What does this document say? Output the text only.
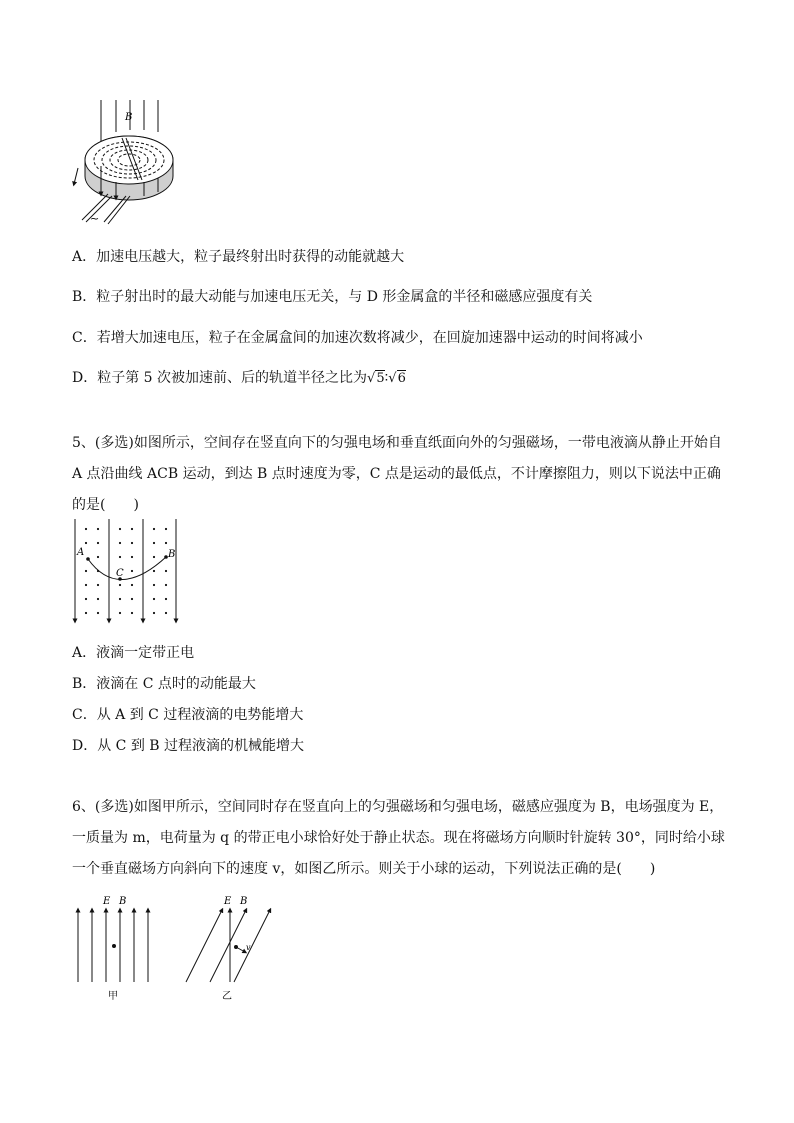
B
~
A．加速电压越大，粒子最终射出时获得的动能就越大
B．粒子射出时的最大动能与加速电压无关，与 D 形金属盒的半径和磁感应强度有关
C．若增大加速电压，粒子在金属盒间的加速次数将减少，在回旋加速器中运动的时间将减小
D．粒子第 5 次被加速前、后的轨道半径之比为√5∶√6
5、(多选)如图所示，空间存在竖直向下的匀强电场和垂直纸面向外的匀强磁场，一带电液滴从静止开始自 A 点沿曲线 ACB 运动，到达 B 点时速度为零，C 点是运动的最低点，不计摩擦阻力，则以下说法中正确的是(　　)
A
C
B
A．液滴一定带正电
B．液滴在 C 点时的动能最大
C．从 A 到 C 过程液滴的电势能增大
D．从 C 到 B 过程液滴的机械能增大
6、(多选)如图甲所示，空间同时存在竖直向上的匀强磁场和匀强电场，磁感应强度为 B，电场强度为 E，一质量为 m，电荷量为 q 的带正电小球恰好处于静止状态。现在将磁场方向顺时针旋转 30°，同时给小球一个垂直磁场方向斜向下的速度 v，如图乙所示。则关于小球的运动，下列说法正确的是(　　)
E B
甲
E B
v
乙
